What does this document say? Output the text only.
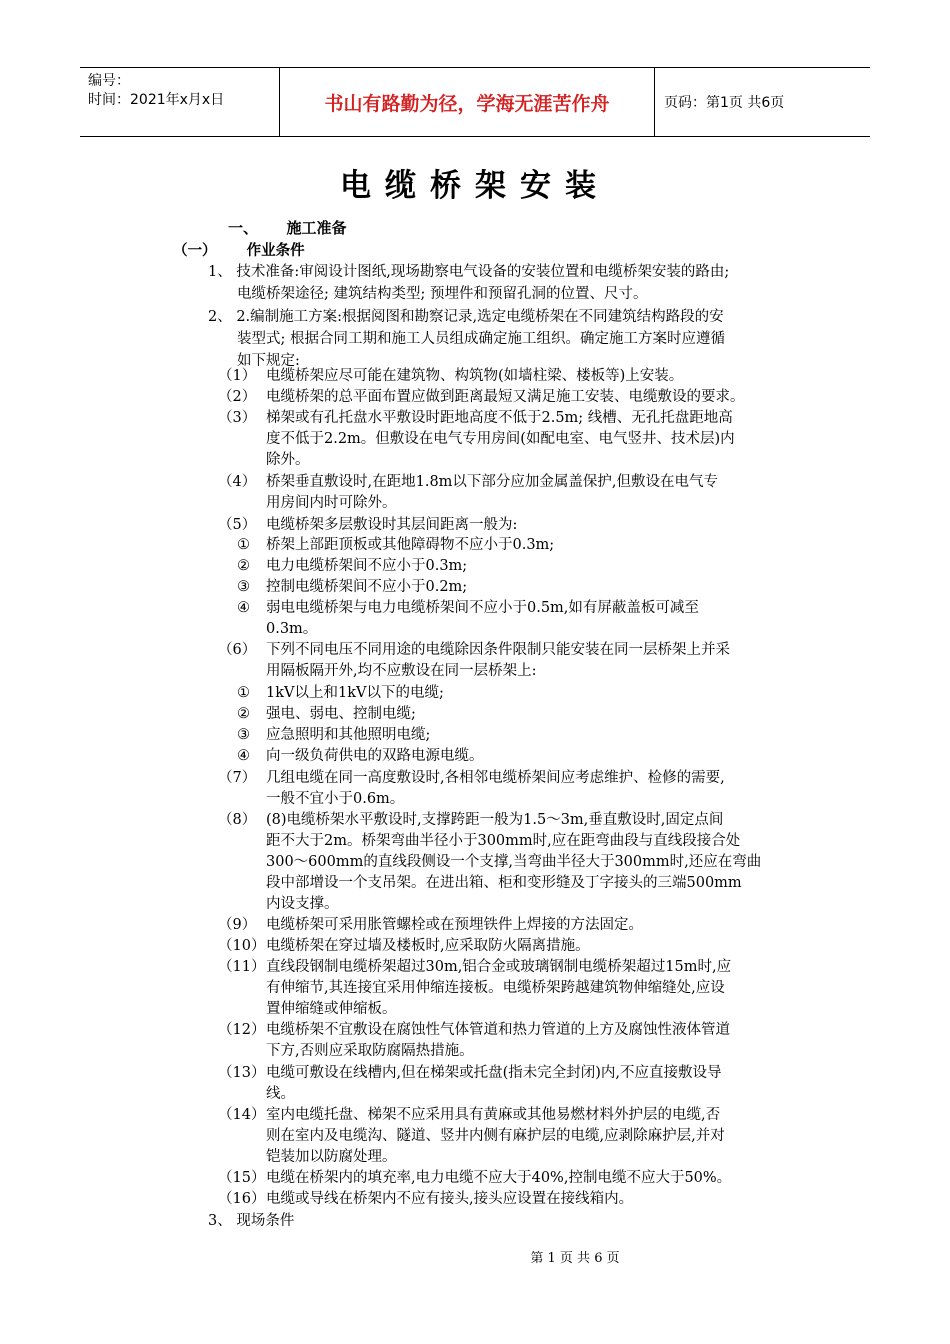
编号：
时间：2021年x月x日	书山有路勤为径，学海无涯苦作舟	页码：第1页 共6页
电缆桥架安装
一、 施工准备
（一） 作业条件
1、 技术准备:审阅设计图纸,现场勘察电气设备的安装位置和电缆桥架安装的路由;
电缆桥架途径; 建筑结构类型; 预埋件和预留孔洞的位置、尺寸。
2、 2.编制施工方案:根据阅图和勘察记录,选定电缆桥架在不同建筑结构路段的安
装型式; 根据合同工期和施工人员组成确定施工组织。确定施工方案时应遵循
如下规定:
（1） 电缆桥架应尽可能在建筑物、构筑物(如墙柱梁、楼板等)上安装。
（2） 电缆桥架的总平面布置应做到距离最短又满足施工安装、电缆敷设的要求。
（3） 梯架或有孔托盘水平敷设时距地高度不低于2.5m; 线槽、无孔托盘距地高
度不低于2.2m。但敷设在电气专用房间(如配电室、电气竖井、技术层)内
除外。
（4） 桥架垂直敷设时,在距地1.8m以下部分应加金属盖保护,但敷设在电气专
用房间内时可除外。
（5） 电缆桥架多层敷设时其层间距离一般为:
① 桥架上部距顶板或其他障碍物不应小于0.3m;
② 电力电缆桥架间不应小于0.3m;
③ 控制电缆桥架间不应小于0.2m;
④ 弱电电缆桥架与电力电缆桥架间不应小于0.5m,如有屏蔽盖板可减至
0.3m。
（6） 下列不同电压不同用途的电缆除因条件限制只能安装在同一层桥架上并采
用隔板隔开外,均不应敷设在同一层桥架上:
① 1kV以上和1kV以下的电缆;
② 强电、弱电、控制电缆;
③ 应急照明和其他照明电缆;
④ 向一级负荷供电的双路电源电缆。
（7） 几组电缆在同一高度敷设时,各相邻电缆桥架间应考虑维护、检修的需要,
一般不宜小于0.6m。
（8） (8)电缆桥架水平敷设时,支撑跨距一般为1.5～3m,垂直敷设时,固定点间
距不大于2m。桥架弯曲半径小于300mm时,应在距弯曲段与直线段接合处
300～600mm的直线段侧设一个支撑,当弯曲半径大于300mm时,还应在弯曲
段中部增设一个支吊架。在进出箱、柜和变形缝及丁字接头的三端500mm
内设支撑。
（9） 电缆桥架可采用胀管螺栓或在预埋铁件上焊接的方法固定。
（10） 电缆桥架在穿过墙及楼板时,应采取防火隔离措施。
（11） 直线段钢制电缆桥架超过30m,铝合金或玻璃钢制电缆桥架超过15m时,应
有伸缩节,其连接宜采用伸缩连接板。电缆桥架跨越建筑物伸缩缝处,应设
置伸缩缝或伸缩板。
（12） 电缆桥架不宜敷设在腐蚀性气体管道和热力管道的上方及腐蚀性液体管道
下方,否则应采取防腐隔热措施。
（13） 电缆可敷设在线槽内,但在梯架或托盘(指未完全封闭)内,不应直接敷设导
线。
（14） 室内电缆托盘、梯架不应采用具有黄麻或其他易燃材料外护层的电缆,否
则在室内及电缆沟、隧道、竖井内侧有麻护层的电缆,应剥除麻护层,并对
铠装加以防腐处理。
（15） 电缆在桥架内的填充率,电力电缆不应大于40%,控制电缆不应大于50%。
（16） 电缆或导线在桥架内不应有接头,接头应设置在接线箱内。
3、 现场条件
第 1 页 共 6 页
